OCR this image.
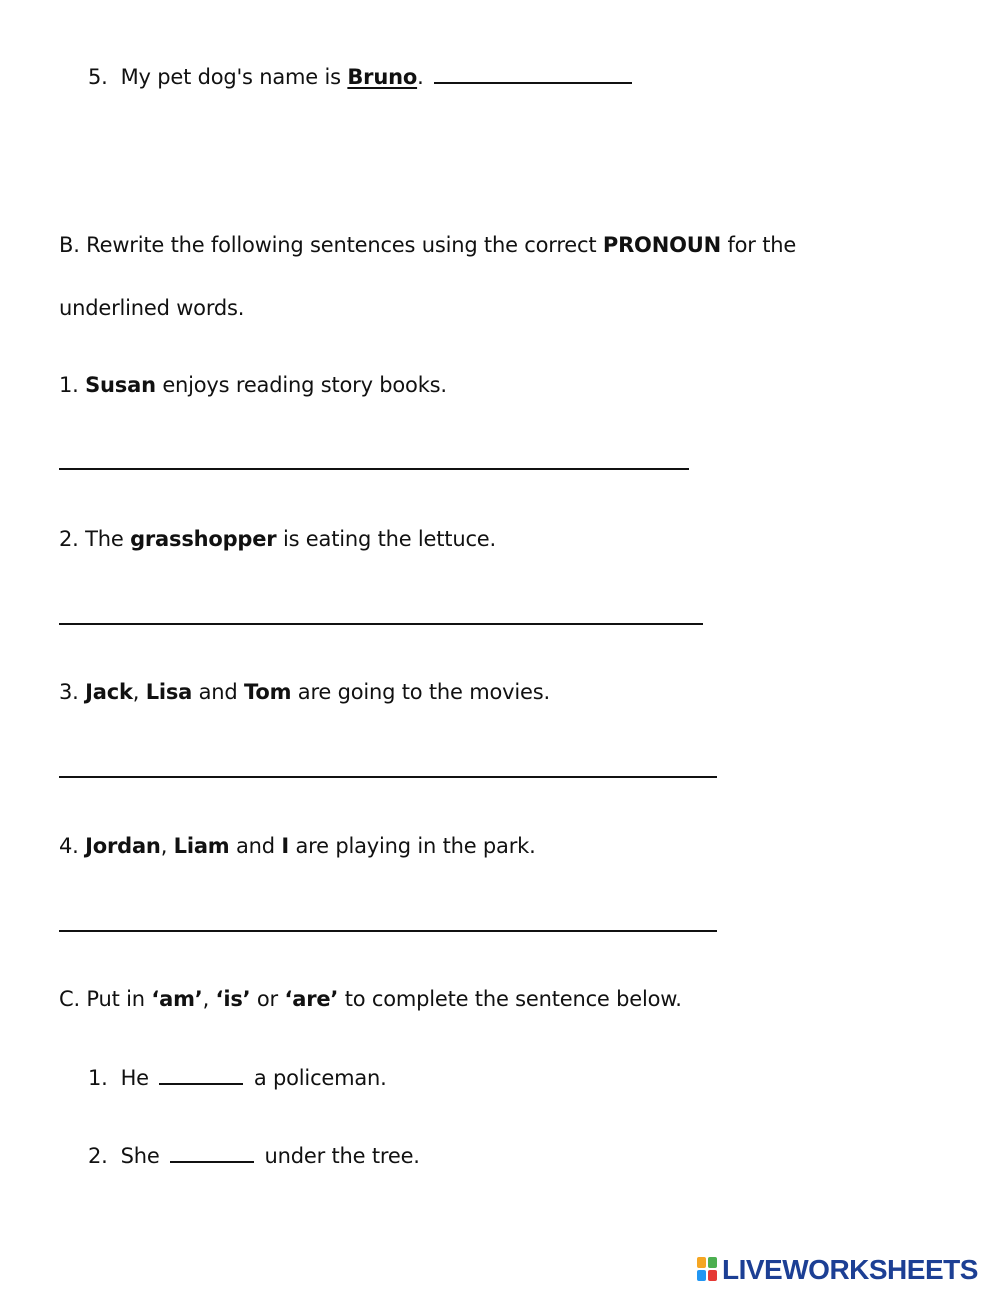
5. My pet dog's name is Bruno.
B. Rewrite the following sentences using the correct PRONOUN for the
underlined words.
1. Susan enjoys reading story books.
2. The grasshopper is eating the lettuce.
3. Jack, Lisa and Tom are going to the movies.
4. Jordan, Liam and I are playing in the park.
C. Put in ‘am’, ‘is’ or ‘are’ to complete the sentence below.
1. He	a policeman.
2. She	under the tree.
LIVEWORKSHEETS
